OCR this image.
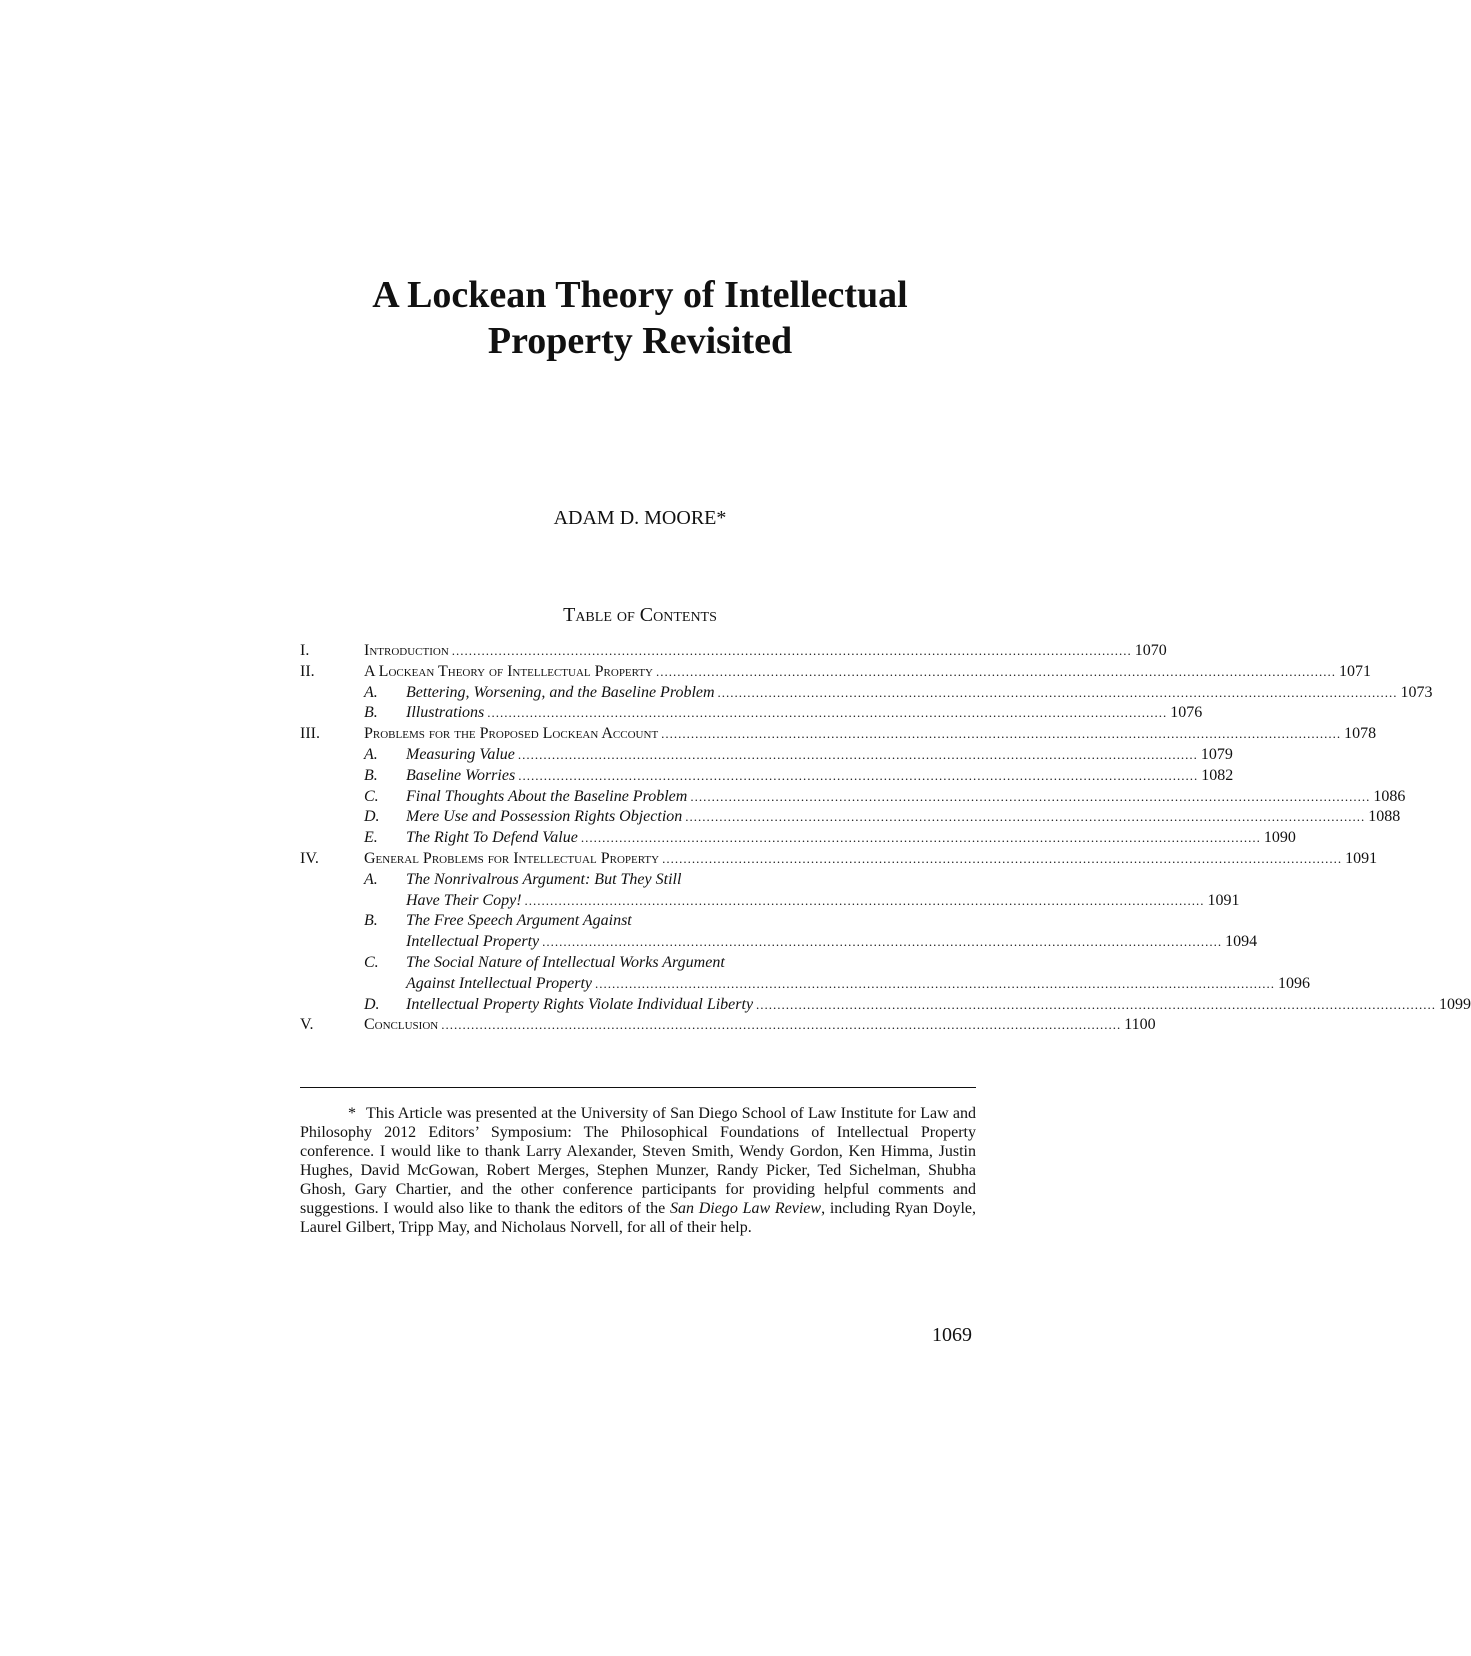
A Lockean Theory of Intellectual
Property Revisited
ADAM D. MOORE*
Table of Contents
I.	Introduction ................................................................................................................................................................ 1070
II.	A Lockean Theory of Intellectual Property ................................................................................................................................................................ 1071
A. Bettering, Worsening, and the Baseline Problem ................................................................................................................................................................ 1073
B. Illustrations ................................................................................................................................................................ 1076
III.	Problems for the Proposed Lockean Account ................................................................................................................................................................ 1078
A. Measuring Value ................................................................................................................................................................ 1079
B. Baseline Worries ................................................................................................................................................................ 1082
C. Final Thoughts About the Baseline Problem ................................................................................................................................................................ 1086
D. Mere Use and Possession Rights Objection ................................................................................................................................................................ 1088
E. The Right To Defend Value ................................................................................................................................................................ 1090
IV.	General Problems for Intellectual Property ................................................................................................................................................................ 1091
A. The Nonrivalrous Argument: But They Still
Have Their Copy! ................................................................................................................................................................ 1091
B. The Free Speech Argument Against
Intellectual Property ................................................................................................................................................................ 1094
C. The Social Nature of Intellectual Works Argument
Against Intellectual Property ................................................................................................................................................................ 1096
D. Intellectual Property Rights Violate Individual Liberty ................................................................................................................................................................ 1099
V.	Conclusion ................................................................................................................................................................ 1100
* This Article was presented at the University of San Diego School of Law Institute for Law and Philosophy 2012 Editors’ Symposium: The Philosophical Foundations of Intellectual Property conference. I would like to thank Larry Alexander, Steven Smith, Wendy Gordon, Ken Himma, Justin Hughes, David McGowan, Robert Merges, Stephen Munzer, Randy Picker, Ted Sichelman, Shubha Ghosh, Gary Chartier, and the other conference participants for providing helpful comments and suggestions. I would also like to thank the editors of the San Diego Law Review, including Ryan Doyle, Laurel Gilbert, Tripp May, and Nicholaus Norvell, for all of their help.
1069
